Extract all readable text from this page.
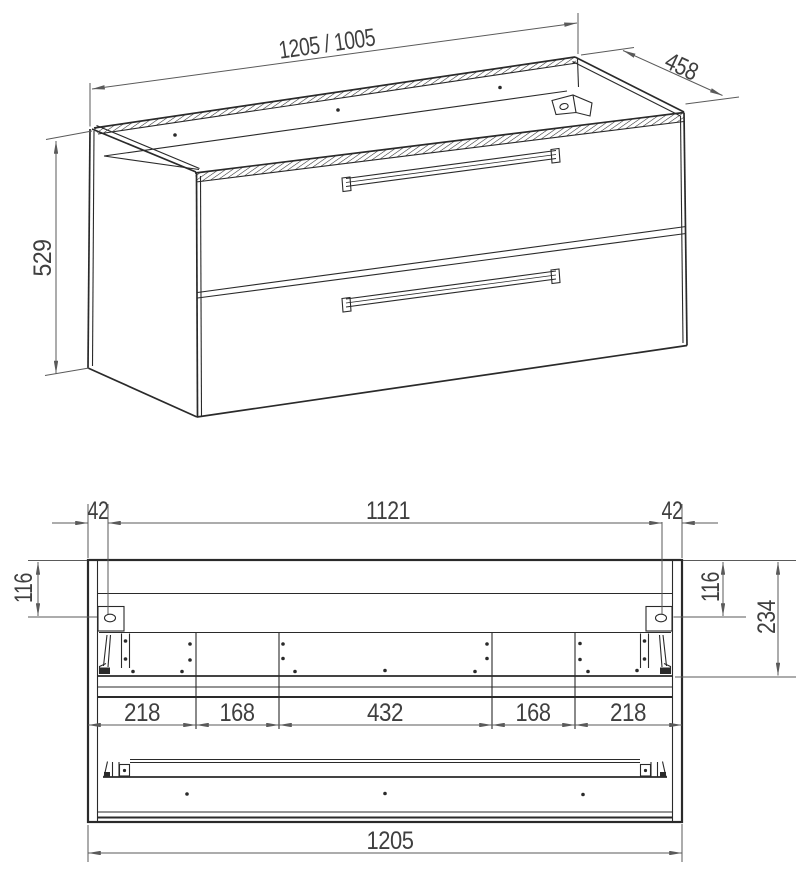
1205 / 1005
458
529
42	1121	42
116	116
234
218 168	432	168 218
1205
